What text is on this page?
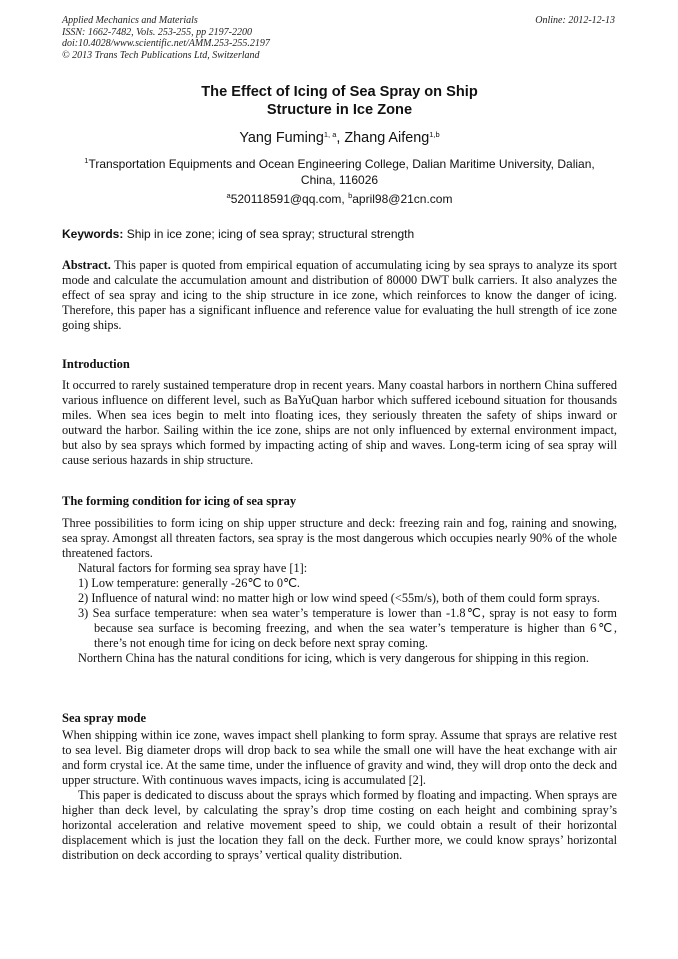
Applied Mechanics and Materials
ISSN: 1662-7482, Vols. 253-255, pp 2197-2200
doi:10.4028/www.scientific.net/AMM.253-255.2197
© 2013 Trans Tech Publications Ltd, Switzerland
Online: 2012-12-13
The Effect of Icing of Sea Spray on Ship
Structure in Ice Zone
Yang Fuming$^{1, a}$, Zhang Aifeng$^{1,b}$
$^1$Transportation Equipments and Ocean Engineering College, Dalian Maritime University, Dalian,
China, 116026
$^a$520118591@qq.com, $^b$april98@21cn.com
Keywords: Ship in ice zone; icing of sea spray; structural strength

Abstract. This paper is quoted from empirical equation of accumulating icing by sea sprays to analyze its sport mode and calculate the accumulation amount and distribution of 80000 DWT bulk carriers. It also analyzes the effect of sea spray and icing to the ship structure in ice zone, which reinforces to know the danger of icing. Therefore, this paper has a significant influence and reference value for evaluating the hull strength of ice zone going ships.

Introduction

It occurred to rarely sustained temperature drop in recent years. Many coastal harbors in northern China suffered various influence on different level, such as BaYuQuan harbor which suffered icebound situation for thousands miles. When sea ices begin to melt into floating ices, they seriously threaten the safety of ships inward or outward the harbor. Sailing within the ice zone, ships are not only influenced by external environment impact, but also by sea sprays which formed by impacting acting of ship and waves. Long-term icing of sea spray will cause serious hazards in ship structure.

The forming condition for icing of sea spray

Three possibilities to form icing on ship upper structure and deck: freezing rain and fog, raining and snowing, sea spray. Amongst all threaten factors, sea spray is the most dangerous which occupies nearly 90% of the whole threatened factors.

Natural factors for forming sea spray have [1]:

1) Low temperature: generally -26℃ to 0℃.

2) Influence of natural wind: no matter high or low wind speed (<55m/s), both of them could form sprays.

3) Sea surface temperature: when sea water’s temperature is lower than -1.8℃, spray is not easy to form because sea surface is becoming freezing, and when the sea water’s temperature is higher than 6℃, there’s not enough time for icing on deck before next spray coming.

Northern China has the natural conditions for icing, which is very dangerous for shipping in this region.

Sea spray mode

When shipping within ice zone, waves impact shell planking to form spray. Assume that sprays are relative rest to sea level. Big diameter drops will drop back to sea while the small one will have the heat exchange with air and form crystal ice. At the same time, under the influence of gravity and wind, they will drop onto the deck and upper structure. With continuous waves impacts, icing is accumulated [2].

This paper is dedicated to discuss about the sprays which formed by floating and impacting. When sprays are higher than deck level, by calculating the spray’s drop time costing on each height and combining spray’s horizontal acceleration and relative movement speed to ship, we could obtain a result of their horizontal displacement which is just the location they fall on the deck. Further more, we could know sprays’ horizontal distribution on deck according to sprays’ vertical quality distribution.
